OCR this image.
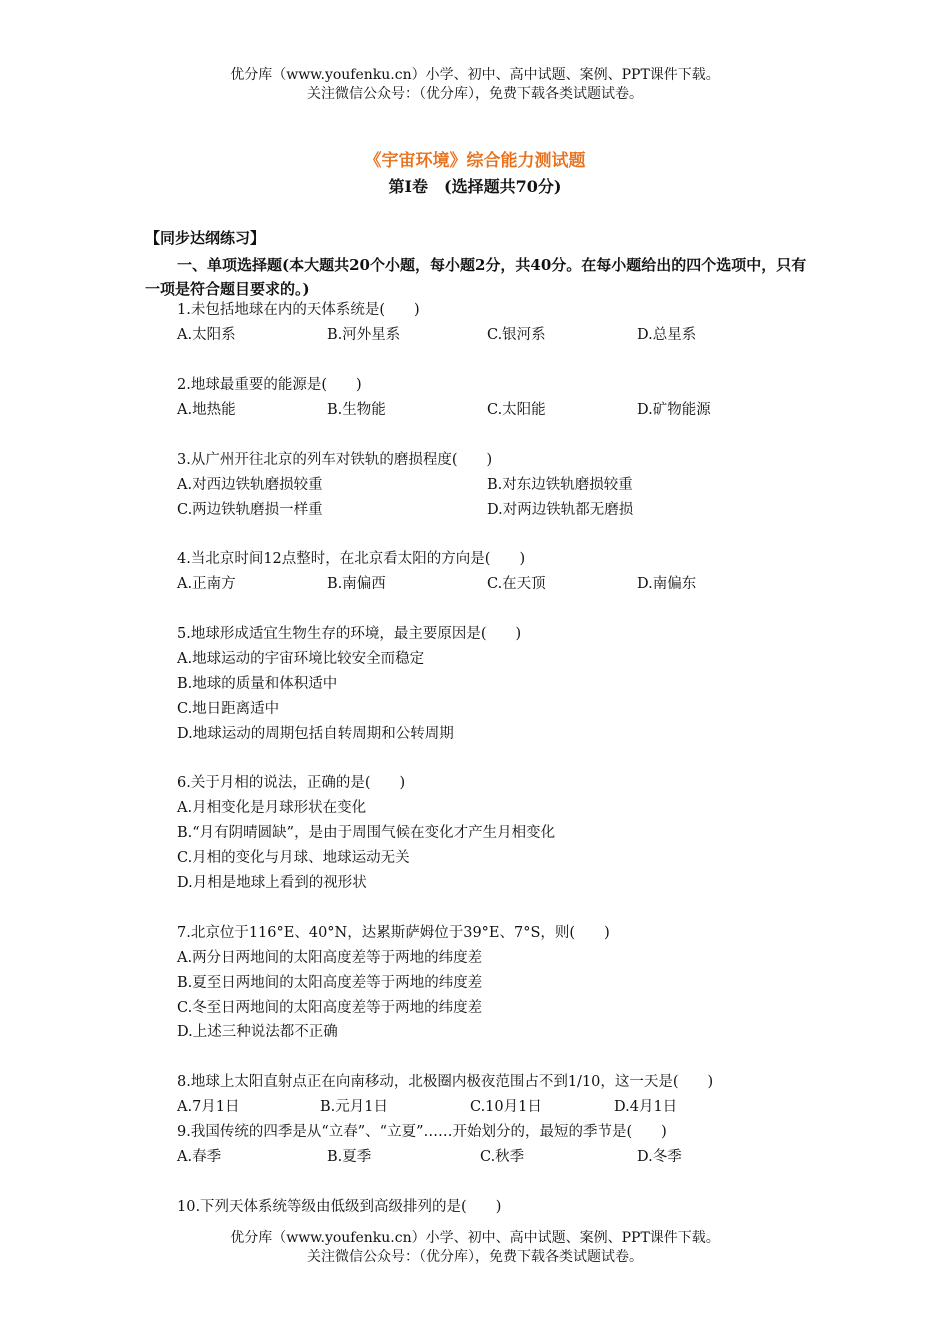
优分库（www.youfenku.cn）小学、初中、高中试题、案例、PPT课件下载。
关注微信公众号：（优分库），免费下载各类试题试卷。
《宇宙环境》综合能力测试题
第Ⅰ卷　(选择题共70分)
【同步达纲练习】
一、单项选择题(本大题共20个小题，每小题2分，共40分。在每小题给出的四个选项中，只有一项是符合题目要求的。)
1.未包括地球在内的天体系统是(　　)
A.太阳系	B.河外星系	C.银河系	D.总星系
2.地球最重要的能源是(　　)
A.地热能	B.生物能	C.太阳能	D.矿物能源
3.从广州开往北京的列车对铁轨的磨损程度(　　)
A.对西边铁轨磨损较重	B.对东边铁轨磨损较重
C.两边铁轨磨损一样重	D.对两边铁轨都无磨损
4.当北京时间12点整时，在北京看太阳的方向是(　　)
A.正南方	B.南偏西	C.在天顶	D.南偏东
5.地球形成适宜生物生存的环境，最主要原因是(　　)
A.地球运动的宇宙环境比较安全而稳定
B.地球的质量和体积适中
C.地日距离适中
D.地球运动的周期包括自转周期和公转周期
6.关于月相的说法，正确的是(　　)
A.月相变化是月球形状在变化
B.“月有阴晴圆缺”，是由于周围气候在变化才产生月相变化
C.月相的变化与月球、地球运动无关
D.月相是地球上看到的视形状
7.北京位于116°E、40°N，达累斯萨姆位于39°E、7°S，则(　　)
A.两分日两地间的太阳高度差等于两地的纬度差
B.夏至日两地间的太阳高度差等于两地的纬度差
C.冬至日两地间的太阳高度差等于两地的纬度差
D.上述三种说法都不正确
8.地球上太阳直射点正在向南移动，北极圈内极夜范围占不到1/10，这一天是(　　)
A.7月1日	B.元月1日	C.10月1日	D.4月1日
9.我国传统的四季是从“立春”、“立夏”……开始划分的，最短的季节是(　　)
A.春季	B.夏季	C.秋季	D.冬季
10.下列天体系统等级由低级到高级排列的是(　　)
优分库（www.youfenku.cn）小学、初中、高中试题、案例、PPT课件下载。
关注微信公众号：（优分库），免费下载各类试题试卷。
